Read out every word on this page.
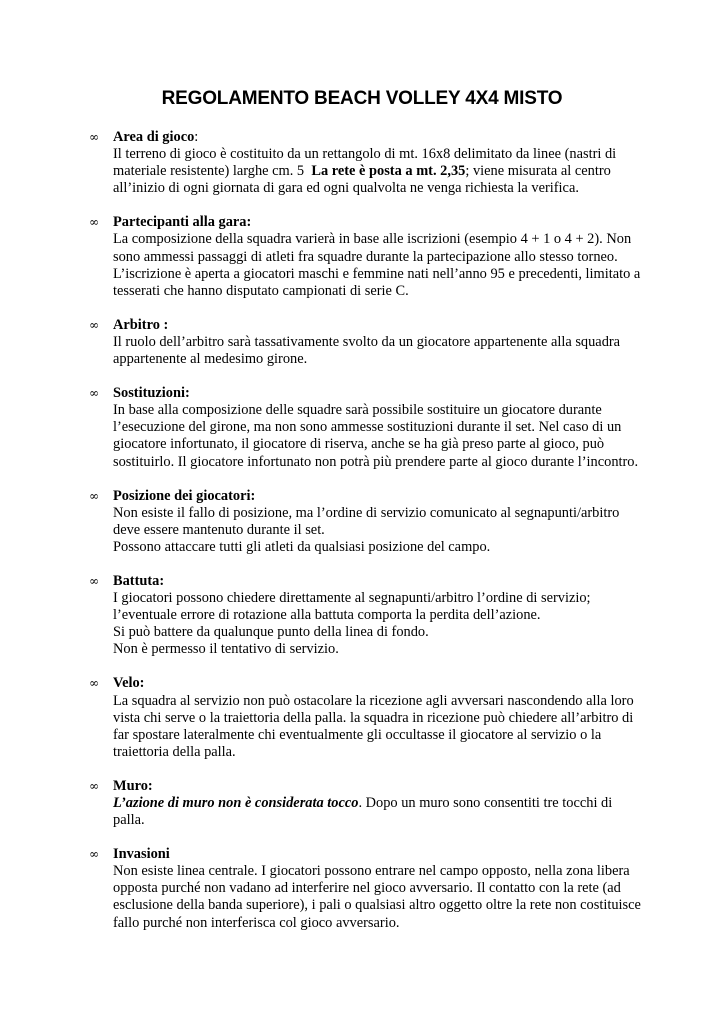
REGOLAMENTO BEACH VOLLEY 4X4 MISTO
∞ Area di gioco:
Il terreno di gioco è costituito da un rettangolo di mt. 16x8 delimitato da linee (nastri di
materiale resistente) larghe cm. 5 La rete è posta a mt. 2,35; viene misurata al centro
all’inizio di ogni giornata di gara ed ogni qualvolta ne venga richiesta la verifica.
∞ Partecipanti alla gara:
La composizione della squadra varierà in base alle iscrizioni (esempio 4 + 1 o 4 + 2). Non
sono ammessi passaggi di atleti fra squadre durante la partecipazione allo stesso torneo.
L’iscrizione è aperta a giocatori maschi e femmine nati nell’anno 95 e precedenti, limitato a
tesserati che hanno disputato campionati di serie C.
∞ Arbitro :
Il ruolo dell’arbitro sarà tassativamente svolto da un giocatore appartenente alla squadra
appartenente al medesimo girone.
∞ Sostituzioni:
In base alla composizione delle squadre sarà possibile sostituire un giocatore durante
l’esecuzione del girone, ma non sono ammesse sostituzioni durante il set. Nel caso di un
giocatore infortunato, il giocatore di riserva, anche se ha già preso parte al gioco, può
sostituirlo. Il giocatore infortunato non potrà più prendere parte al gioco durante l’incontro.
∞ Posizione dei giocatori:
Non esiste il fallo di posizione, ma l’ordine di servizio comunicato al segnapunti/arbitro
deve essere mantenuto durante il set.
Possono attaccare tutti gli atleti da qualsiasi posizione del campo.
∞ Battuta:
I giocatori possono chiedere direttamente al segnapunti/arbitro l’ordine di servizio;
l’eventuale errore di rotazione alla battuta comporta la perdita dell’azione.
Si può battere da qualunque punto della linea di fondo.
Non è permesso il tentativo di servizio.
∞ Velo:
La squadra al servizio non può ostacolare la ricezione agli avversari nascondendo alla loro
vista chi serve o la traiettoria della palla. la squadra in ricezione può chiedere all’arbitro di
far spostare lateralmente chi eventualmente gli occultasse il giocatore al servizio o la
traiettoria della palla.
∞ Muro:
L’azione di muro non è considerata tocco. Dopo un muro sono consentiti tre tocchi di
palla.
∞ Invasioni
Non esiste linea centrale. I giocatori possono entrare nel campo opposto, nella zona libera
opposta purché non vadano ad interferire nel gioco avversario. Il contatto con la rete (ad
esclusione della banda superiore), i pali o qualsiasi altro oggetto oltre la rete non costituisce
fallo purché non interferisca col gioco avversario.
